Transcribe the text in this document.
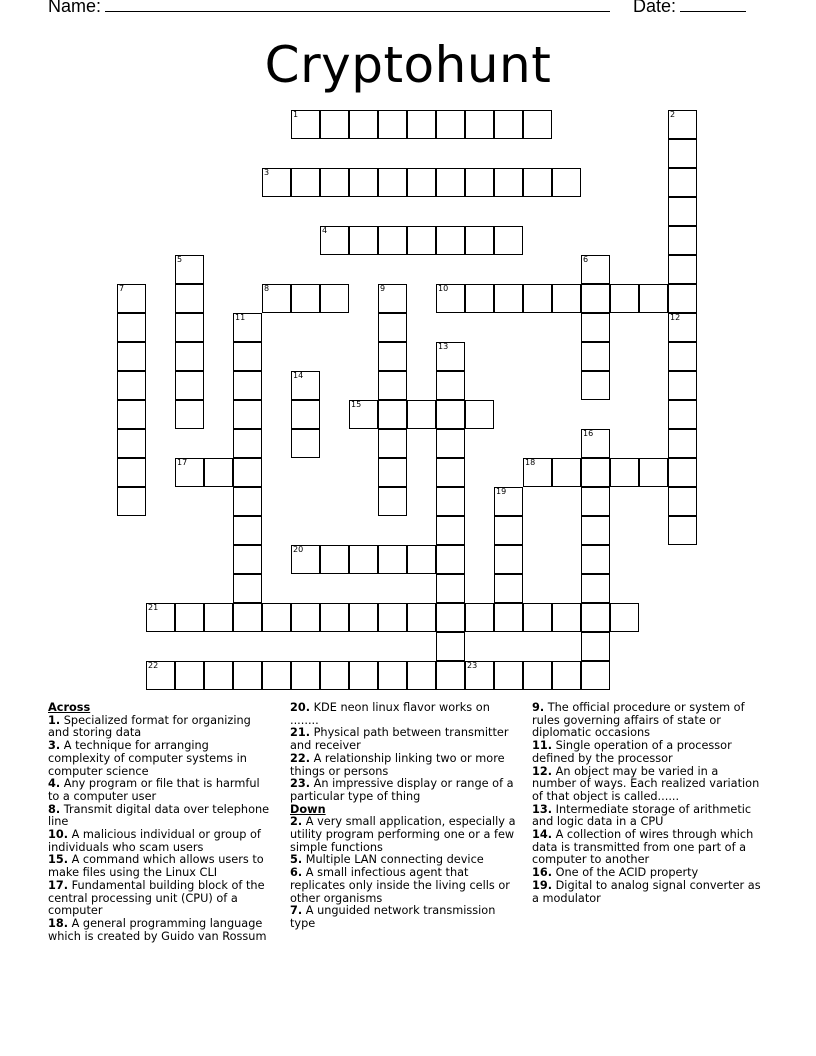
Name:	Date:
Cryptohunt
1	2
3
4
5	6
7	8	9	10
11	12
13
14
15
16
17	18
19
20
21
22	23
Across
1. Specialized format for organizing and storing data
3. A technique for arranging complexity of computer systems in computer science
4. Any program or file that is harmful to a computer user
8. Transmit digital data over telephone line
10. A malicious individual or group of individuals who scam users
15. A command which allows users to make files using the Linux CLI
17. Fundamental building block of the central processing unit (CPU) of a computer
18. A general programming language which is created by Guido van Rossum
20. KDE neon linux flavor works on ........
21. Physical path between transmitter and receiver
22. A relationship linking two or more things or persons
23. An impressive display or range of a particular type of thing
Down
2. A very small application, especially a utility program performing one or a few simple functions
5. Multiple LAN connecting device
6. A small infectious agent that replicates only inside the living cells or other organisms
7. A unguided network transmission type
9. The official procedure or system of rules governing affairs of state or diplomatic occasions
11. Single operation of a processor defined by the processor
12. An object may be varied in a number of ways. Each realized variation of that object is called......
13. Intermediate storage of arithmetic and logic data in a CPU
14. A collection of wires through which data is transmitted from one part of a computer to another
16. One of the ACID property
19. Digital to analog signal converter as a modulator
